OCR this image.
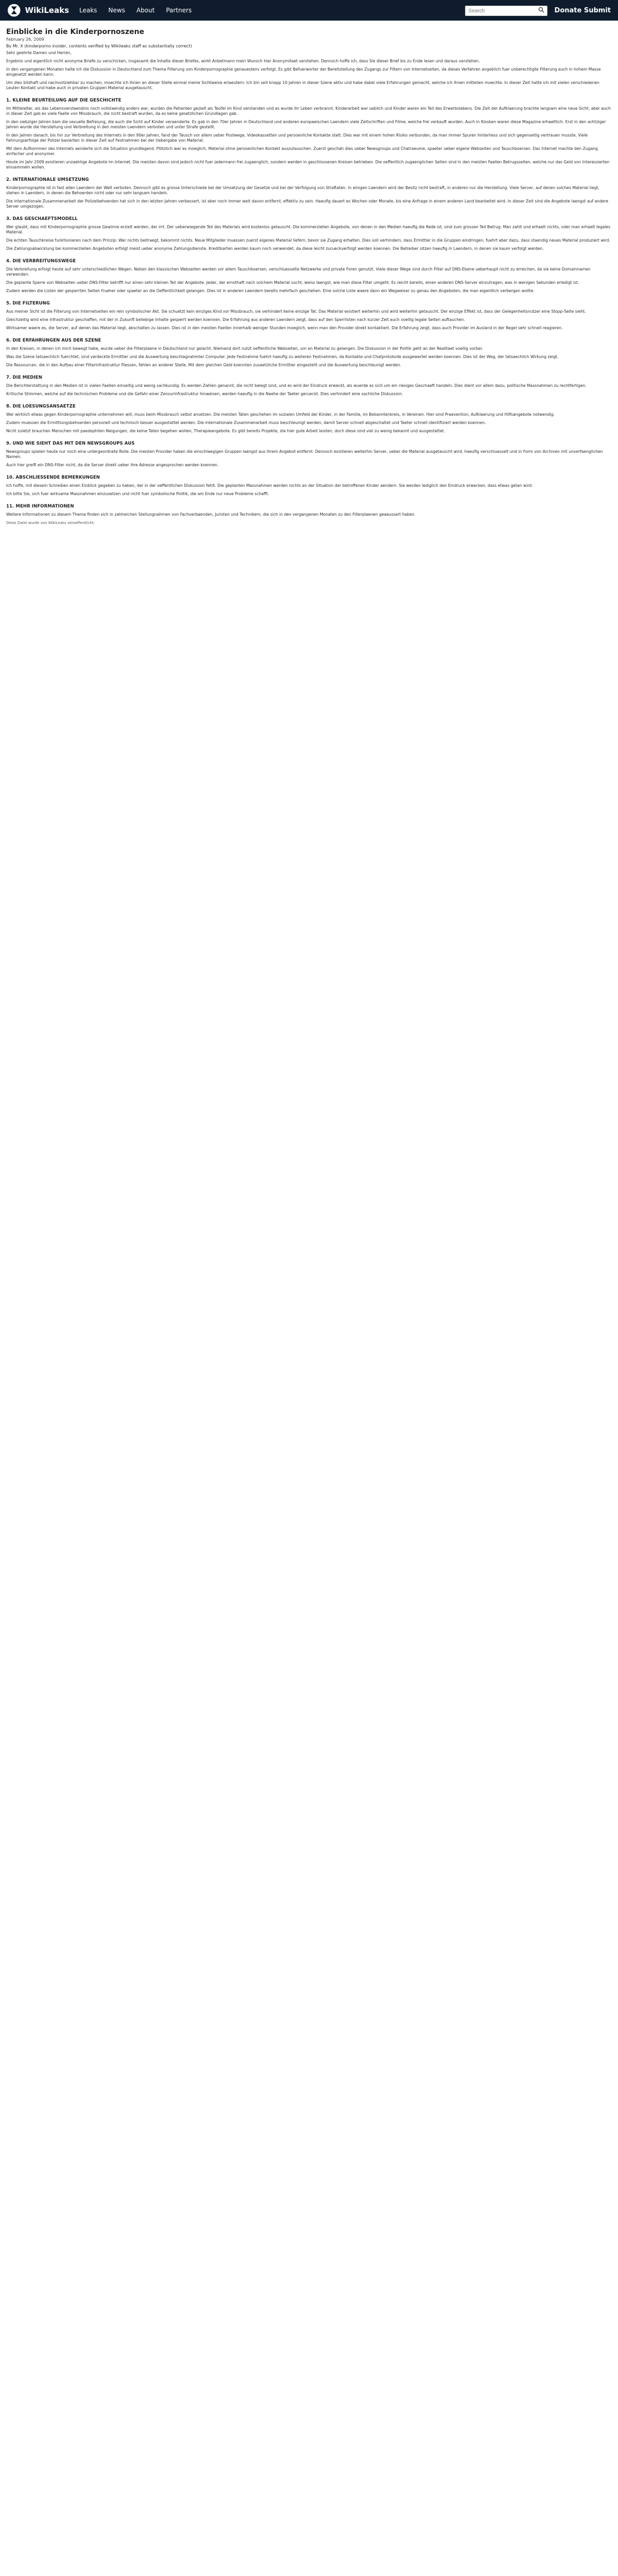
WikiLeaks Leaks News About Partners
Search	Donate Submit
Einblicke in die Kinderpornoszene
February 26, 2009
By Mr. X (kinderporno insider, contents verified by Wikileaks staff as substantially correct)

Sehr geehrte Damen und Herren,

Ergebnis und eigentlich nicht anonyme Briefe zu verschicken, insgesamt die Inhalte dieser Briefes, wirkt Anbetmann mein Wunsch hier Anonymitaet verstehen. Dennoch hoffe ich, dass Sie dieser Brief bis zu Ende lesen und daraus verstehen.

In den vergangenen Monaten halte ich die Diskussion in Deutschland zum Thema Filterung von Kinderpornographie genauestens verfolgt. Es gibt Befuerworter der Bereitstellung des Zugangs zur Filtern von Internetseiten, da dieses Verfahren angeblich fuer unberechtigte Filterung auch in hohem Masse eingesetzt werden kann.

Um dies bildhaft und nachvollziehbar zu machen, moechte ich Ihnen an dieser Stelle einmal meine Sichtweise erlaeutern: Ich bin seit knapp 10 Jahren in dieser Szene aktiv und habe dabei viele Erfahrungen gemacht, welche ich Ihnen mitteilen moechte. In dieser Zeit hatte ich mit vielen verschiedenen Leuten Kontakt und habe auch in privaten Gruppen Material ausgetauscht.

1. KLEINE BEURTEILUNG AUF DIE GESCHICHTE

Im Mittelalter, als das Lebensverstaendnis noch vollstaendig anders war, wurden die Patienten gezielt als Teufel im Kind verstanden und es wurde ihr Leben verbrannt. Kinderarbeit war ueblich und Kinder waren ein Teil des Erwerbslebens. Die Zeit der Aufklaerung brachte langsam eine neue Sicht, aber auch in dieser Zeit gab es viele Faelle von Missbrauch, die nicht bestraft wurden, da es keine gesetzlichen Grundlagen gab.

In den siebziger Jahren kam die sexuelle Befreiung, die auch die Sicht auf Kinder veraenderte. Es gab in den 70er Jahren in Deutschland und anderen europaeischen Laendern viele Zeitschriften und Filme, welche frei verkauft wurden. Auch in Kiosken waren diese Magazine erhaeltlich. Erst in den achtziger Jahren wurde die Herstellung und Verbreitung in den meisten Laendern verboten und unter Strafe gestellt.

In den Jahren danach, bis hin zur Verbreitung des Internets in den 90er Jahren, fand der Tausch vor allem ueber Postwege, Videokassetten und persoenliche Kontakte statt. Dies war mit einem hohen Risiko verbunden, da man immer Spuren hinterliess und sich gegenseitig vertrauen musste. Viele Fahnungserfolge der Polizei basierten in dieser Zeit auf Festnahmen bei der Uebergabe von Material.

Mit dem Aufkommen des Internets aenderte sich die Situation grundlegend. Plötzlich war es moeglich, Material ohne persoenlichen Kontakt auszutauschen. Zuerst geschah dies ueber Newsgroups und Chatraeume, spaeter ueber eigene Webseiten und Tauschboersen. Das Internet machte den Zugang einfacher und anonymer.

Heute im Jahr 2009 existieren unzaehlige Angebote im Internet. Die meisten davon sind jedoch nicht fuer jedermann frei zugaenglich, sondern werden in geschlossenen Kreisen betrieben. Die oeffentlich zugaenglichen Seiten sind in den meisten Faellen Betrugsseiten, welche nur das Geld von Interessierten einsammeln wollen.

2. INTERNATIONALE UMSETZUNG

Kinderpornographie ist in fast allen Laendern der Welt verboten. Dennoch gibt es grosse Unterschiede bei der Umsetzung der Gesetze und bei der Verfolgung von Straftaten. In einigen Laendern wird der Besitz nicht bestraft, in anderen nur die Herstellung. Viele Server, auf denen solches Material liegt, stehen in Laendern, in denen die Behoerden nicht oder nur sehr langsam handeln.

Die internationale Zusammenarbeit der Polizeibehoerden hat sich in den letzten Jahren verbessert, ist aber noch immer weit davon entfernt, effektiv zu sein. Haeufig dauert es Wochen oder Monate, bis eine Anfrage in einem anderen Land bearbeitet wird. In dieser Zeit sind die Angebote laengst auf andere Server umgezogen.

3. DAS GESCHAEFTSMODELL

Wer glaubt, dass mit Kinderpornographie grosse Gewinne erzielt werden, der irrt. Der ueberwiegende Teil des Materials wird kostenlos getauscht. Die kommerziellen Angebote, von denen in den Medien haeufig die Rede ist, sind zum grossen Teil Betrug: Man zahlt und erhaelt nichts, oder man erhaelt legales Material.

Die echten Tauschkreise funktionieren nach dem Prinzip: Wer nichts beitraegt, bekommt nichts. Neue Mitglieder muessen zuerst eigenes Material liefern, bevor sie Zugang erhalten. Dies soll verhindern, dass Ermittler in die Gruppen eindringen, fuehrt aber dazu, dass staendig neues Material produziert wird.

Die Zahlungsabwicklung bei kommerziellen Angeboten erfolgt meist ueber anonyme Zahlungsdienste. Kreditkarten werden kaum noch verwendet, da diese leicht zurueckverfolgt werden koennen. Die Betreiber sitzen haeufig in Laendern, in denen sie kaum verfolgt werden.

4. DIE VERBREITUNGSWEGE

Die Verbreitung erfolgt heute auf sehr unterschiedlichen Wegen. Neben den klassischen Webseiten werden vor allem Tauschboersen, verschluesselte Netzwerke und private Foren genutzt. Viele dieser Wege sind durch Filter auf DNS-Ebene ueberhaupt nicht zu erreichen, da sie keine Domainnamen verwenden.

Die geplante Sperre von Webseiten ueber DNS-Filter betrifft nur einen sehr kleinen Teil der Angebote. Jeder, der ernsthaft nach solchem Material sucht, weiss laengst, wie man diese Filter umgeht. Es reicht bereits, einen anderen DNS-Server einzutragen, was in wenigen Sekunden erledigt ist.

Zudem werden die Listen der gesperrten Seiten frueher oder spaeter an die Oeffentlichkeit gelangen. Dies ist in anderen Laendern bereits mehrfach geschehen. Eine solche Liste waere dann ein Wegweiser zu genau den Angeboten, die man eigentlich verbergen wollte.

5. DIE FILTERUNG

Aus meiner Sicht ist die Filterung von Internetseiten ein rein symbolischer Akt. Sie schuetzt kein einziges Kind vor Missbrauch, sie verhindert keine einzige Tat. Das Material existiert weiterhin und wird weiterhin getauscht. Der einzige Effekt ist, dass der Gelegenheitsnutzer eine Stopp-Seite sieht.

Gleichzeitig wird eine Infrastruktur geschaffen, mit der in Zukunft beliebige Inhalte gesperrt werden koennen. Die Erfahrung aus anderen Laendern zeigt, dass auf den Sperrlisten nach kurzer Zeit auch voellig legale Seiten auftauchen.

Wirksamer waere es, die Server, auf denen das Material liegt, abschalten zu lassen. Dies ist in den meisten Faellen innerhalb weniger Stunden moeglich, wenn man den Provider direkt kontaktiert. Die Erfahrung zeigt, dass auch Provider im Ausland in der Regel sehr schnell reagieren.

6. DIE ERFAHRUNGEN AUS DER SZENE

In den Kreisen, in denen ich mich bewegt habe, wurde ueber die Filterplaene in Deutschland nur gelacht. Niemand dort nutzt oeffentliche Webseiten, um an Material zu gelangen. Die Diskussion in der Politik geht an der Realitaet voellig vorbei.

Was die Szene tatsaechlich fuerchtet, sind verdeckte Ermittler und die Auswertung beschlagnahmter Computer. Jede Festnahme fuehrt haeufig zu weiteren Festnahmen, da Kontakte und Chatprotokolle ausgewertet werden koennen. Dies ist der Weg, der tatsaechlich Wirkung zeigt.

Die Ressourcen, die in den Aufbau einer Filterinfrastruktur fliessen, fehlen an anderer Stelle. Mit dem gleichen Geld koennten zusaetzliche Ermittler eingestellt und die Auswertung beschleunigt werden.

7. DIE MEDIEN

Die Berichterstattung in den Medien ist in vielen Faellen einseitig und wenig sachkundig. Es werden Zahlen genannt, die nicht belegt sind, und es wird der Eindruck erweckt, als wuerde es sich um ein riesiges Geschaeft handeln. Dies dient vor allem dazu, politische Massnahmen zu rechtfertigen.

Kritische Stimmen, welche auf die technischen Probleme und die Gefahr einer Zensurinfrastruktur hinweisen, werden haeufig in die Naehe der Taeter gerueckt. Dies verhindert eine sachliche Diskussion.

8. DIE LOESUNGSANSAETZE

Wer wirklich etwas gegen Kinderpornographie unternehmen will, muss beim Missbrauch selbst ansetzen. Die meisten Taten geschehen im sozialen Umfeld der Kinder, in der Familie, im Bekanntenkreis, in Vereinen. Hier sind Praevention, Aufklaerung und Hilfsangebote notwendig.

Zudem muessen die Ermittlungsbehoerden personell und technisch besser ausgestattet werden. Die internationale Zusammenarbeit muss beschleunigt werden, damit Server schnell abgeschaltet und Taeter schnell identifiziert werden koennen.

Nicht zuletzt brauchen Menschen mit paedophilen Neigungen, die keine Taten begehen wollen, Therapieangebote. Es gibt bereits Projekte, die hier gute Arbeit leisten, doch diese sind viel zu wenig bekannt und ausgestattet.

9. UND WIE SIEHT DAS MIT DEN NEWSGROUPS AUS

Newsgroups spielen heute nur noch eine untergeordnete Rolle. Die meisten Provider haben die einschlaegigen Gruppen laengst aus ihrem Angebot entfernt. Dennoch existieren weiterhin Server, ueber die Material ausgetauscht wird, haeufig verschluesselt und in Form von Archiven mit unverfaenglichen Namen.

Auch hier greift ein DNS-Filter nicht, da die Server direkt ueber ihre Adresse angesprochen werden koennen.

10. ABSCHLIESSENDE BEMERKUNGEN

Ich hoffe, mit diesem Schreiben einen Einblick gegeben zu haben, der in der oeffentlichen Diskussion fehlt. Die geplanten Massnahmen werden nichts an der Situation der betroffenen Kinder aendern. Sie werden lediglich den Eindruck erwecken, dass etwas getan wird.

Ich bitte Sie, sich fuer wirksame Massnahmen einzusetzen und nicht fuer symbolische Politik, die am Ende nur neue Probleme schafft.

11. MEHR INFORMATIONEN

Weitere Informationen zu diesem Thema finden sich in zahlreichen Stellungnahmen von Fachverbaenden, Juristen und Technikern, die sich in den vergangenen Monaten zu den Filterplaenen geaeussert haben.

Diese Datei wurde von WikiLeaks veroeffentlicht.
